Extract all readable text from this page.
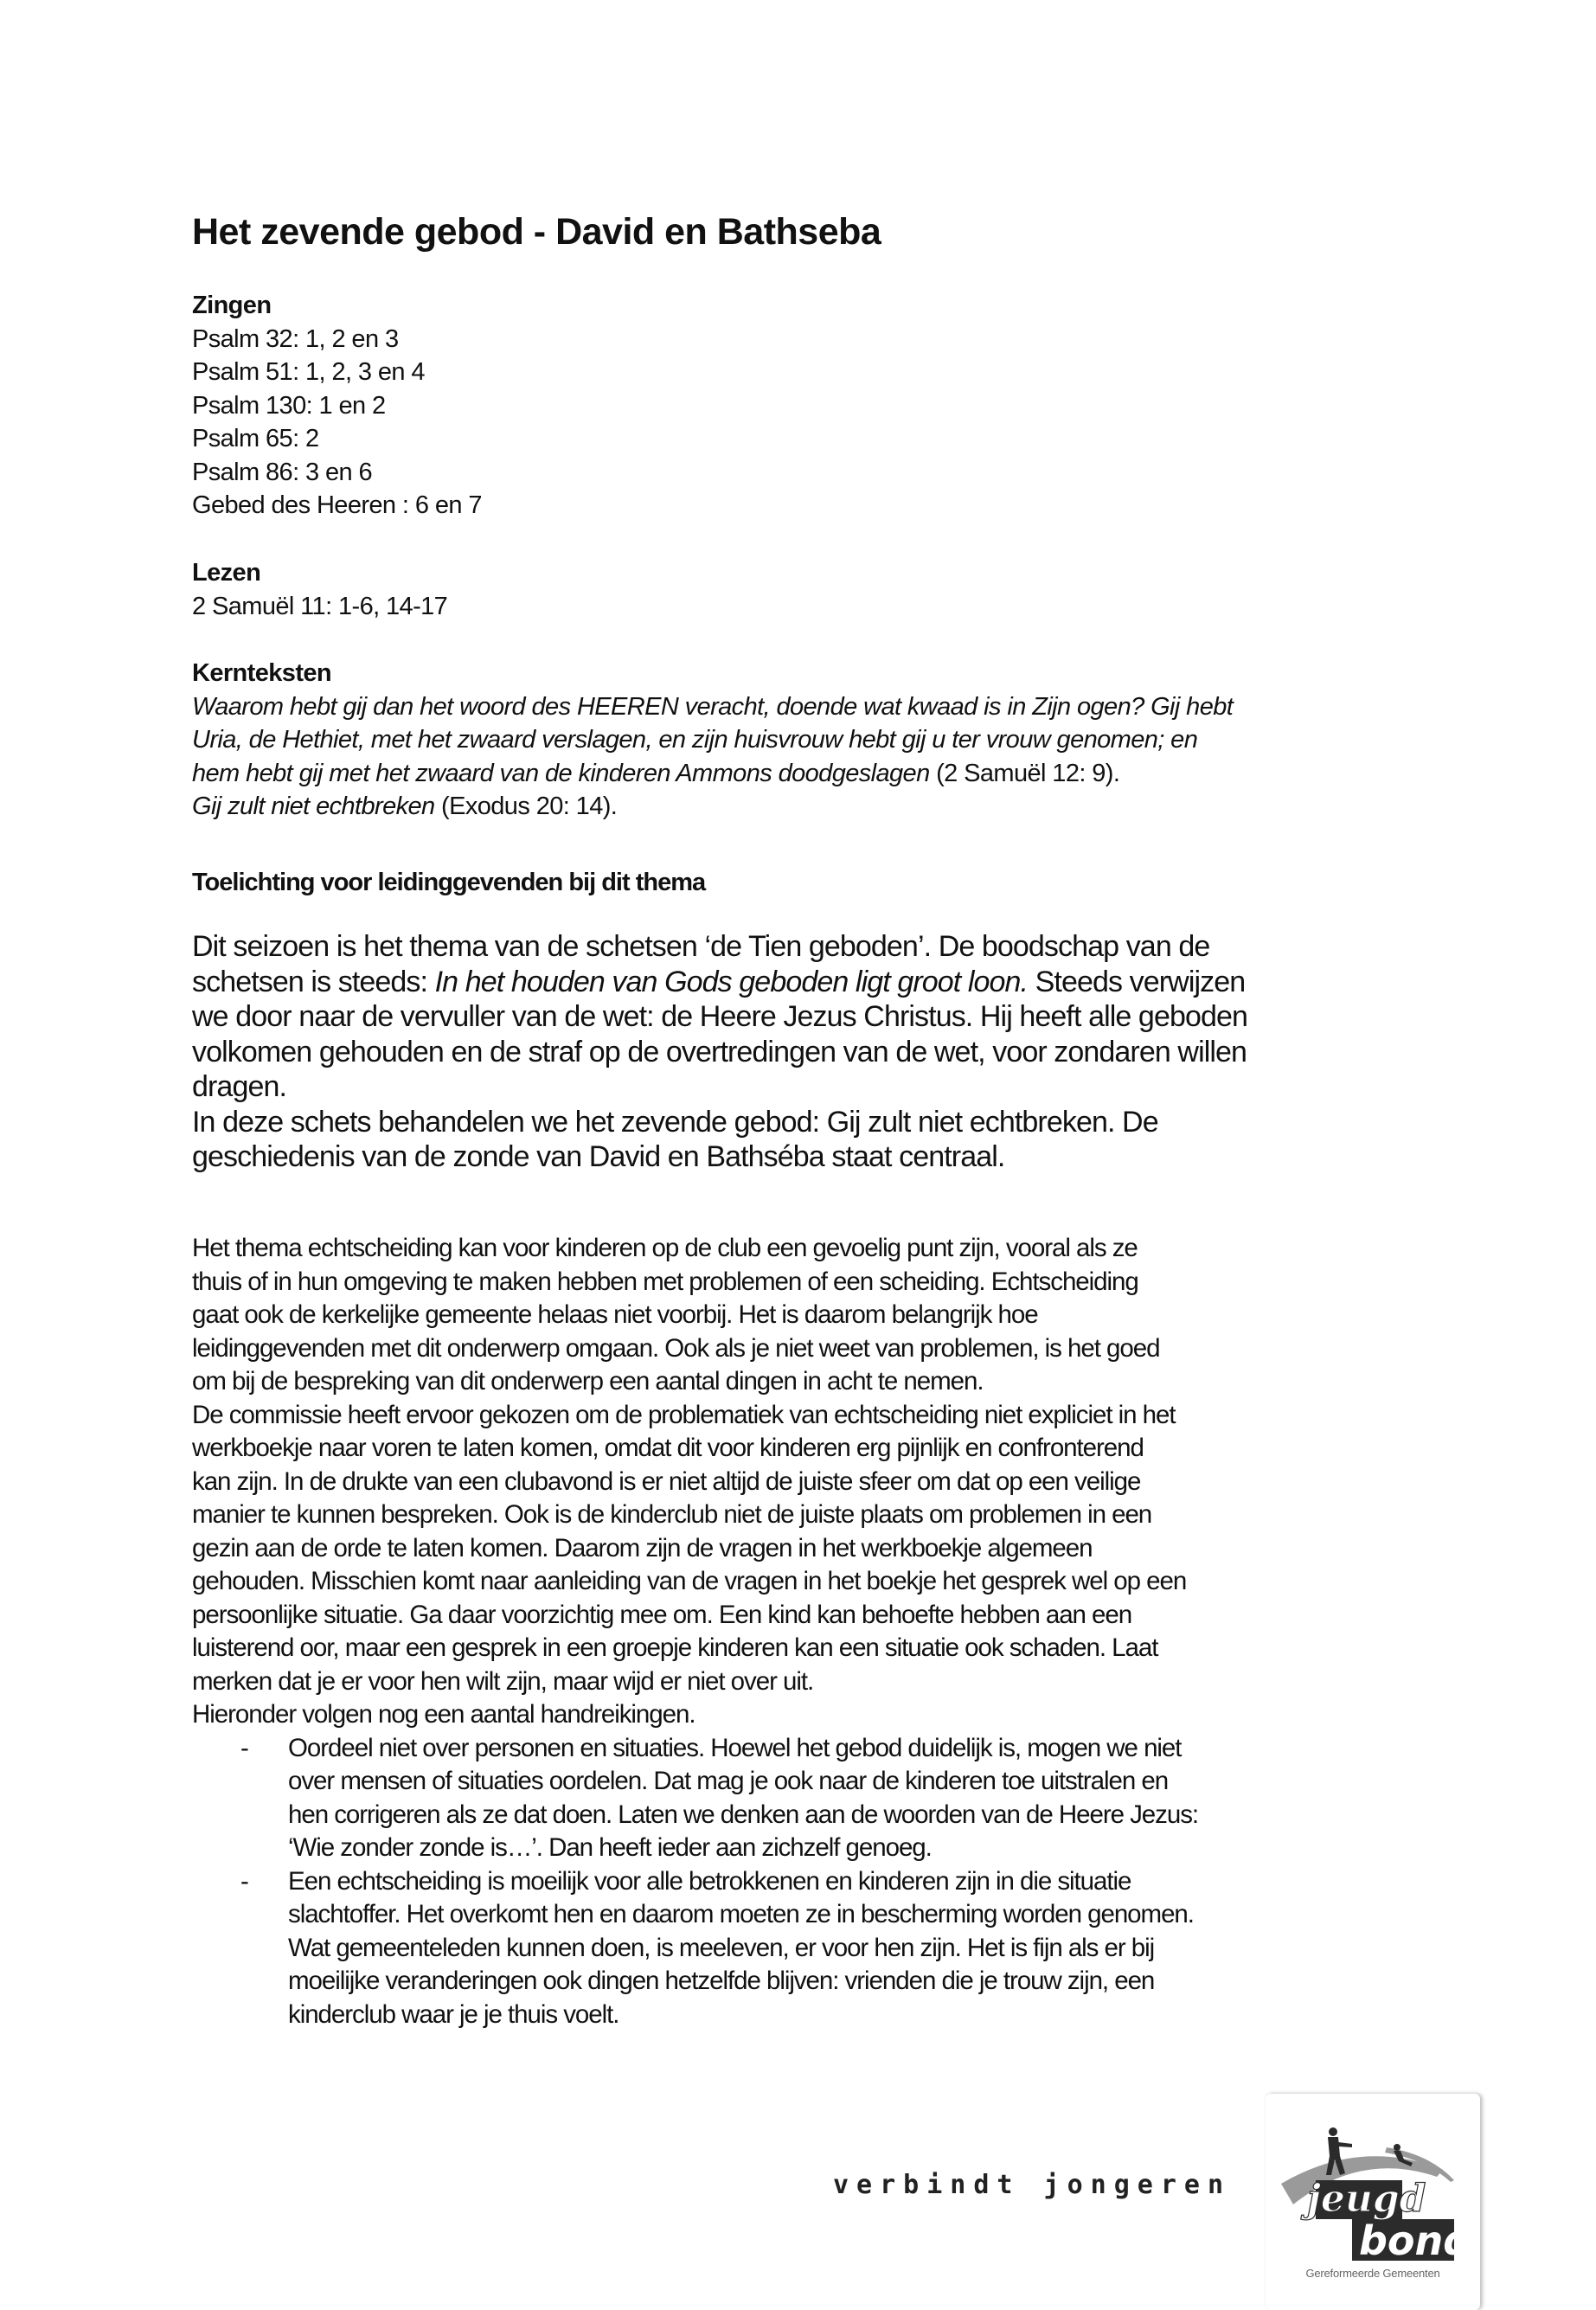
Het zevende gebod - David en Bathseba
Zingen
Psalm 32: 1, 2 en 3
Psalm 51: 1, 2, 3 en 4
Psalm 130: 1 en 2
Psalm 65: 2
Psalm 86: 3 en 6
Gebed des Heeren : 6 en 7
Lezen
2 Samuël 11: 1-6, 14-17
Kernteksten
Waarom hebt gij dan het woord des HEEREN veracht, doende wat kwaad is in Zijn ogen? Gij hebt
Uria, de Hethiet, met het zwaard verslagen, en zijn huisvrouw hebt gij u ter vrouw genomen; en
hem hebt gij met het zwaard van de kinderen Ammons doodgeslagen (2 Samuël 12: 9).
Gij zult niet echtbreken (Exodus 20: 14).
Toelichting voor leidinggevenden bij dit thema
Dit seizoen is het thema van de schetsen ‘de Tien geboden’. De boodschap van de
schetsen is steeds: In het houden van Gods geboden ligt groot loon. Steeds verwijzen
we door naar de vervuller van de wet: de Heere Jezus Christus. Hij heeft alle geboden
volkomen gehouden en de straf op de overtredingen van de wet, voor zondaren willen
dragen.
In deze schets behandelen we het zevende gebod: Gij zult niet echtbreken. De
geschiedenis van de zonde van David en Bathséba staat centraal.
Het thema echtscheiding kan voor kinderen op de club een gevoelig punt zijn, vooral als ze
thuis of in hun omgeving te maken hebben met problemen of een scheiding. Echtscheiding
gaat ook de kerkelijke gemeente helaas niet voorbij. Het is daarom belangrijk hoe
leidinggevenden met dit onderwerp omgaan. Ook als je niet weet van problemen, is het goed
om bij de bespreking van dit onderwerp een aantal dingen in acht te nemen.
De commissie heeft ervoor gekozen om de problematiek van echtscheiding niet expliciet in het
werkboekje naar voren te laten komen, omdat dit voor kinderen erg pijnlijk en confronterend
kan zijn. In de drukte van een clubavond is er niet altijd de juiste sfeer om dat op een veilige
manier te kunnen bespreken. Ook is de kinderclub niet de juiste plaats om problemen in een
gezin aan de orde te laten komen. Daarom zijn de vragen in het werkboekje algemeen
gehouden. Misschien komt naar aanleiding van de vragen in het boekje het gesprek wel op een
persoonlijke situatie. Ga daar voorzichtig mee om. Een kind kan behoefte hebben aan een
luisterend oor, maar een gesprek in een groepje kinderen kan een situatie ook schaden. Laat
merken dat je er voor hen wilt zijn, maar wijd er niet over uit.
Hieronder volgen nog een aantal handreikingen.
- Oordeel niet over personen en situaties. Hoewel het gebod duidelijk is, mogen we niet
over mensen of situaties oordelen. Dat mag je ook naar de kinderen toe uitstralen en
hen corrigeren als ze dat doen. Laten we denken aan de woorden van de Heere Jezus:
‘Wie zonder zonde is…’. Dan heeft ieder aan zichzelf genoeg.
- Een echtscheiding is moeilijk voor alle betrokkenen en kinderen zijn in die situatie
slachtoffer. Het overkomt hen en daarom moeten ze in bescherming worden genomen.
Wat gemeenteleden kunnen doen, is meeleven, er voor hen zijn. Het is fijn als er bij
moeilijke veranderingen ook dingen hetzelfde blijven: vrienden die je trouw zijn, een
kinderclub waar je je thuis voelt.
verbindt jongeren jeugd
bond
Gereformeerde Gemeenten
